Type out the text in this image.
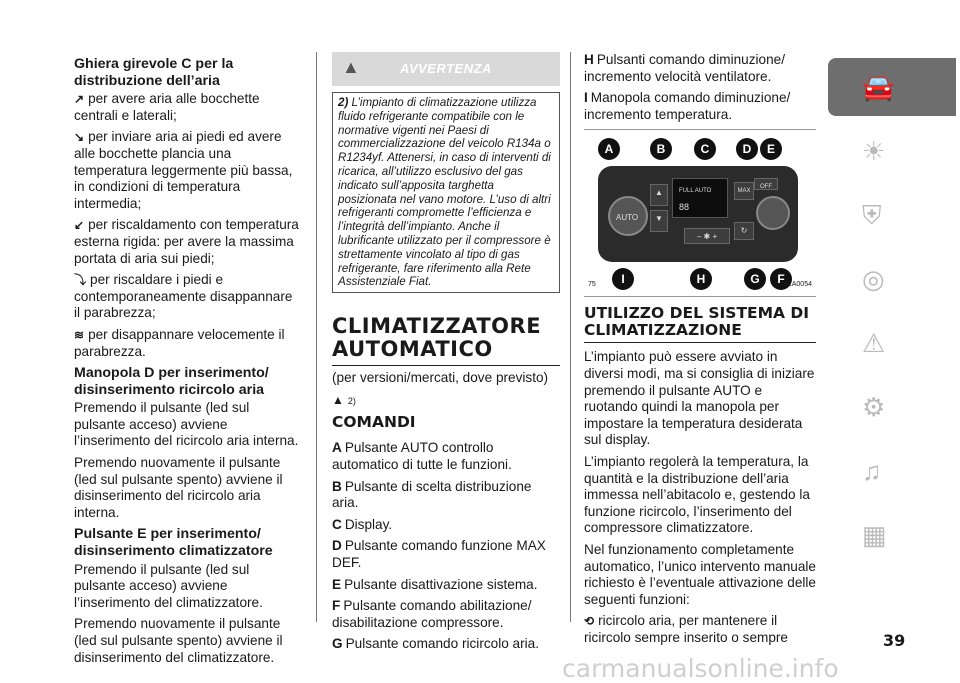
Ghiera girevole C per la distribuzione dell’aria

↗ per avere aria alle bocchette centrali e laterali;

↘ per inviare aria ai piedi ed avere alle bocchette plancia una temperatura leggermente più bassa, in condizioni di temperatura intermedia;

↙ per riscaldamento con temperatura esterna rigida: per avere la massima portata di aria sui piedi;

⤵ per riscaldare i piedi e contemporaneamente disappannare il parabrezza;

≋ per disappannare velocemente il parabrezza.

Manopola D per inserimento/ disinserimento ricircolo aria

Premendo il pulsante (led sul pulsante acceso) avviene l’inserimento del ricircolo aria interna.

Premendo nuovamente il pulsante (led sul pulsante spento) avviene il disinserimento del ricircolo aria interna.

Pulsante E per inserimento/ disinserimento climatizzatore

Premendo il pulsante (led sul pulsante acceso) avviene l’inserimento del climatizzatore.

Premendo nuovamente il pulsante (led sul pulsante spento) avviene il disinserimento del climatizzatore.

▲	AVVERTENZA
2) L’impianto di climatizzazione utilizza fluido refrigerante compatibile con le normative vigenti nei Paesi di commercializzazione del veicolo R134a o R1234yf. Attenersi, in caso di interventi di ricarica, all’utilizzo esclusivo del gas indicato sull’apposita targhetta posizionata nel vano motore. L’uso di altri refrigeranti compromette l’efficienza e l’integrità dell’impianto. Anche il lubrificante utilizzato per il compressore è strettamente vincolato al tipo di gas refrigerante, fare riferimento alla Rete Assistenziale Fiat.
CLIMATIZZATORE AUTOMATICO

(per versioni/mercati, dove previsto)

▲ 2)

COMANDI

A Pulsante AUTO controllo automatico di tutte le funzioni.

B Pulsante di scelta distribuzione aria.

C Display.

D Pulsante comando funzione MAX DEF.

E Pulsante disattivazione sistema.

F Pulsante comando abilitazione/ disabilitazione compressore.

G Pulsante comando ricircolo aria.

H Pulsanti comando diminuzione/ incremento velocità ventilatore.

I Manopola comando diminuzione/ incremento temperatura.

AUTO
▲
▼
FULL AUTO
88
– ✱ +
MAX
↻
OFF
A	B	C	D	E
I	H	G	F
75	F1A0054
UTILIZZO DEL SISTEMA DI CLIMATIZZAZIONE

L’impianto può essere avviato in diversi modi, ma si consiglia di iniziare premendo il pulsante AUTO e ruotando quindi la manopola per impostare la temperatura desiderata sul display.

L’impianto regolerà la temperatura, la quantità e la distribuzione dell’aria immessa nell’abitacolo e, gestendo la funzione ricircolo, l’inserimento del compressore climatizzatore.

Nel funzionamento completamente automatico, l’unico intervento manuale richiesto è l’eventuale attivazione delle seguenti funzioni:

⟲ ricircolo aria, per mantenere il ricircolo sempre inserito o sempre

🚘
☀
⛨
◎
⚠
⚙
♫
▦
39
carmanualsonline.info
